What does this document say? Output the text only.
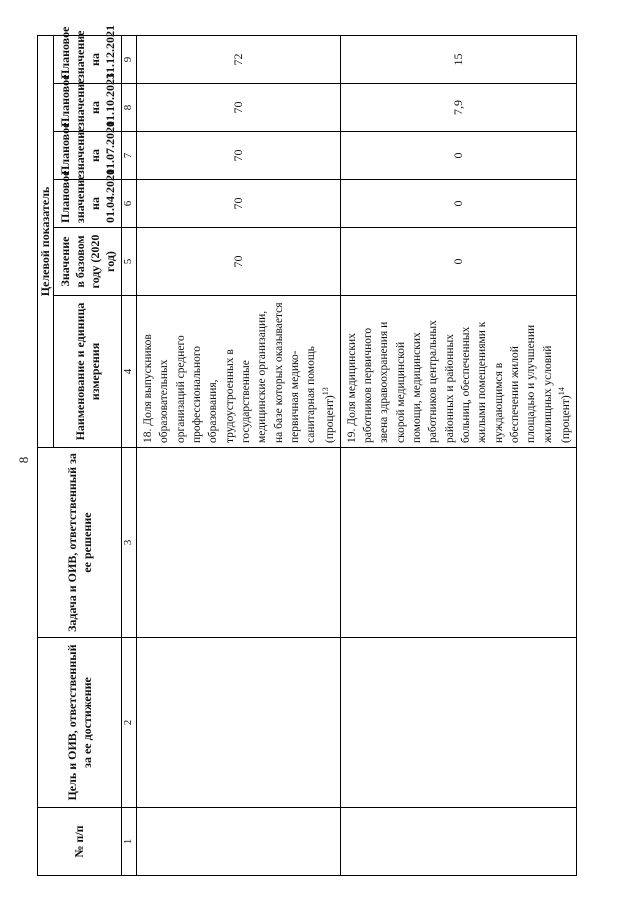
8
№ п/п	Цель и ОИВ, ответственный за ее достижение	Задача и ОИВ, ответственный за ее решение	Целевой показатель					
			Наименование и единица измерения	Значение в базовом году (2020 год)	Плановое значение на 01.04.2021	Плановое значение на 01.07.2021	Плановое значение на 01.10.2021	Плановое значение на 31.12.2021
1	2	3	4	5	6	7	8	9
			18. Доля выпускников образовательных организаций среднего профессионального образования, трудоустроенных в государственные медицинские организации, на базе которых оказывается первичная медико-санитарная помощь (процент)$^{13}$	70	70	70	70	72
			19. Доля медицинских работников первичного звена здравоохранения и скорой медицинской помощи, медицинских работников центральных районных и районных больниц, обеспеченных жилыми помещениями к нуждающимся в обеспечении жилой площадью и улучшении жилищных условий (процент)$^{14}$	0	0	0	7,9	15
